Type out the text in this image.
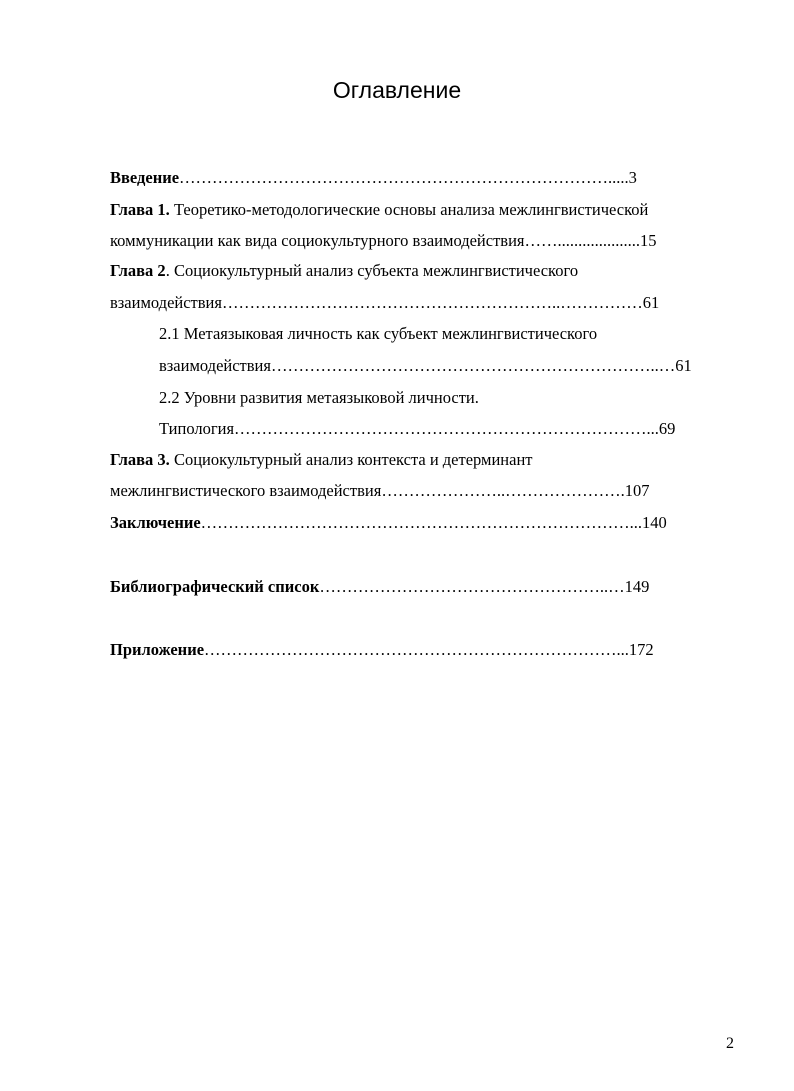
Оглавление
Введение…………………………………………………………………….....3
Глава 1. Теоретико-методологические основы анализа межлингвистической
коммуникации как вида социокультурного взаимодействия……....................15
Глава 2. Социокультурный анализ субъекта межлингвистического
взаимодействия……………………………………………………..……………61
2.1 Метаязыковая личность как субъект межлингвистического
взаимодействия……………………………………………………………..…61
2.2 Уровни развития метаязыковой личности.
Типология…………………………………………………………………...69
Глава 3. Социокультурный анализ контекста и детерминант
межлингвистического взаимодействия…………………..………………….107
Заключение……………………………………………………………………...140
Библиографический список……………………………………………..…149
Приложение…………………………………………………………………...172
2
